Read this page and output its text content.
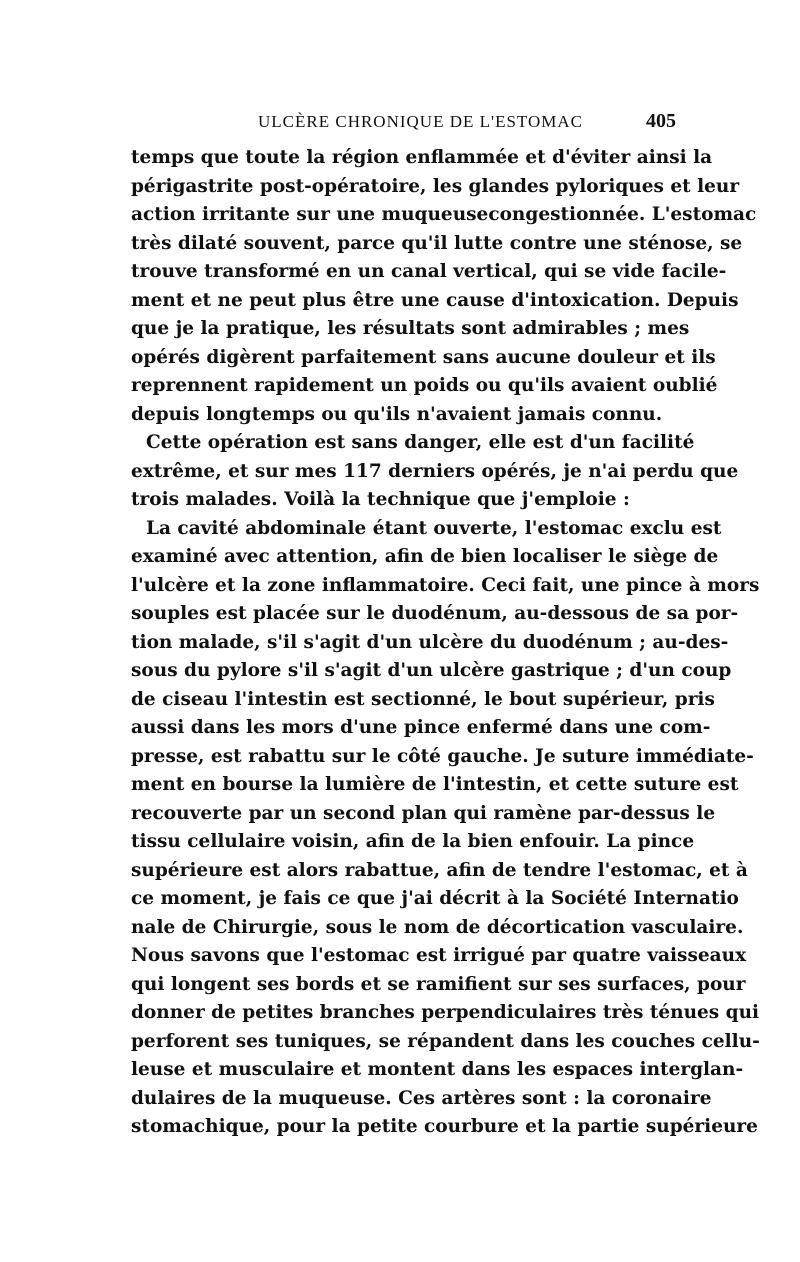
ULCÈRE CHRONIQUE DE L'ESTOMAC	405
temps que toute la région enflammée et d'éviter ainsi la
périgastrite post-opératoire, les glandes pyloriques et leur
action irritante sur une muqueusecongestionnée. L'estomac
très dilaté souvent, parce qu'il lutte contre une sténose, se
trouve transformé en un canal vertical, qui se vide facile-
ment et ne peut plus être une cause d'intoxication. Depuis
que je la pratique, les résultats sont admirables ; mes
opérés digèrent parfaitement sans aucune douleur et ils
reprennent rapidement un poids ou qu'ils avaient oublié
depuis longtemps ou qu'ils n'avaient jamais connu.
Cette opération est sans danger, elle est d'un facilité
extrême, et sur mes 117 derniers opérés, je n'ai perdu que
trois malades. Voilà la technique que j'emploie :
La cavité abdominale étant ouverte, l'estomac exclu est
examiné avec attention, afin de bien localiser le siège de
l'ulcère et la zone inflammatoire. Ceci fait, une pince à mors
souples est placée sur le duodénum, au-dessous de sa por-
tion malade, s'il s'agit d'un ulcère du duodénum ; au-des-
sous du pylore s'il s'agit d'un ulcère gastrique ; d'un coup
de ciseau l'intestin est sectionné, le bout supérieur, pris
aussi dans les mors d'une pince enfermé dans une com-
presse, est rabattu sur le côté gauche. Je suture immédiate-
ment en bourse la lumière de l'intestin, et cette suture est
recouverte par un second plan qui ramène par-dessus le
tissu cellulaire voisin, afin de la bien enfouir. La pince
supérieure est alors rabattue, afin de tendre l'estomac, et à
ce moment, je fais ce que j'ai décrit à la Société Internatio
nale de Chirurgie, sous le nom de décortication vasculaire.
Nous savons que l'estomac est irrigué par quatre vaisseaux
qui longent ses bords et se ramifient sur ses surfaces, pour
donner de petites branches perpendiculaires très ténues qui
perforent ses tuniques, se répandent dans les couches cellu-
leuse et musculaire et montent dans les espaces interglan-
dulaires de la muqueuse. Ces artères sont : la coronaire
stomachique, pour la petite courbure et la partie supérieure
